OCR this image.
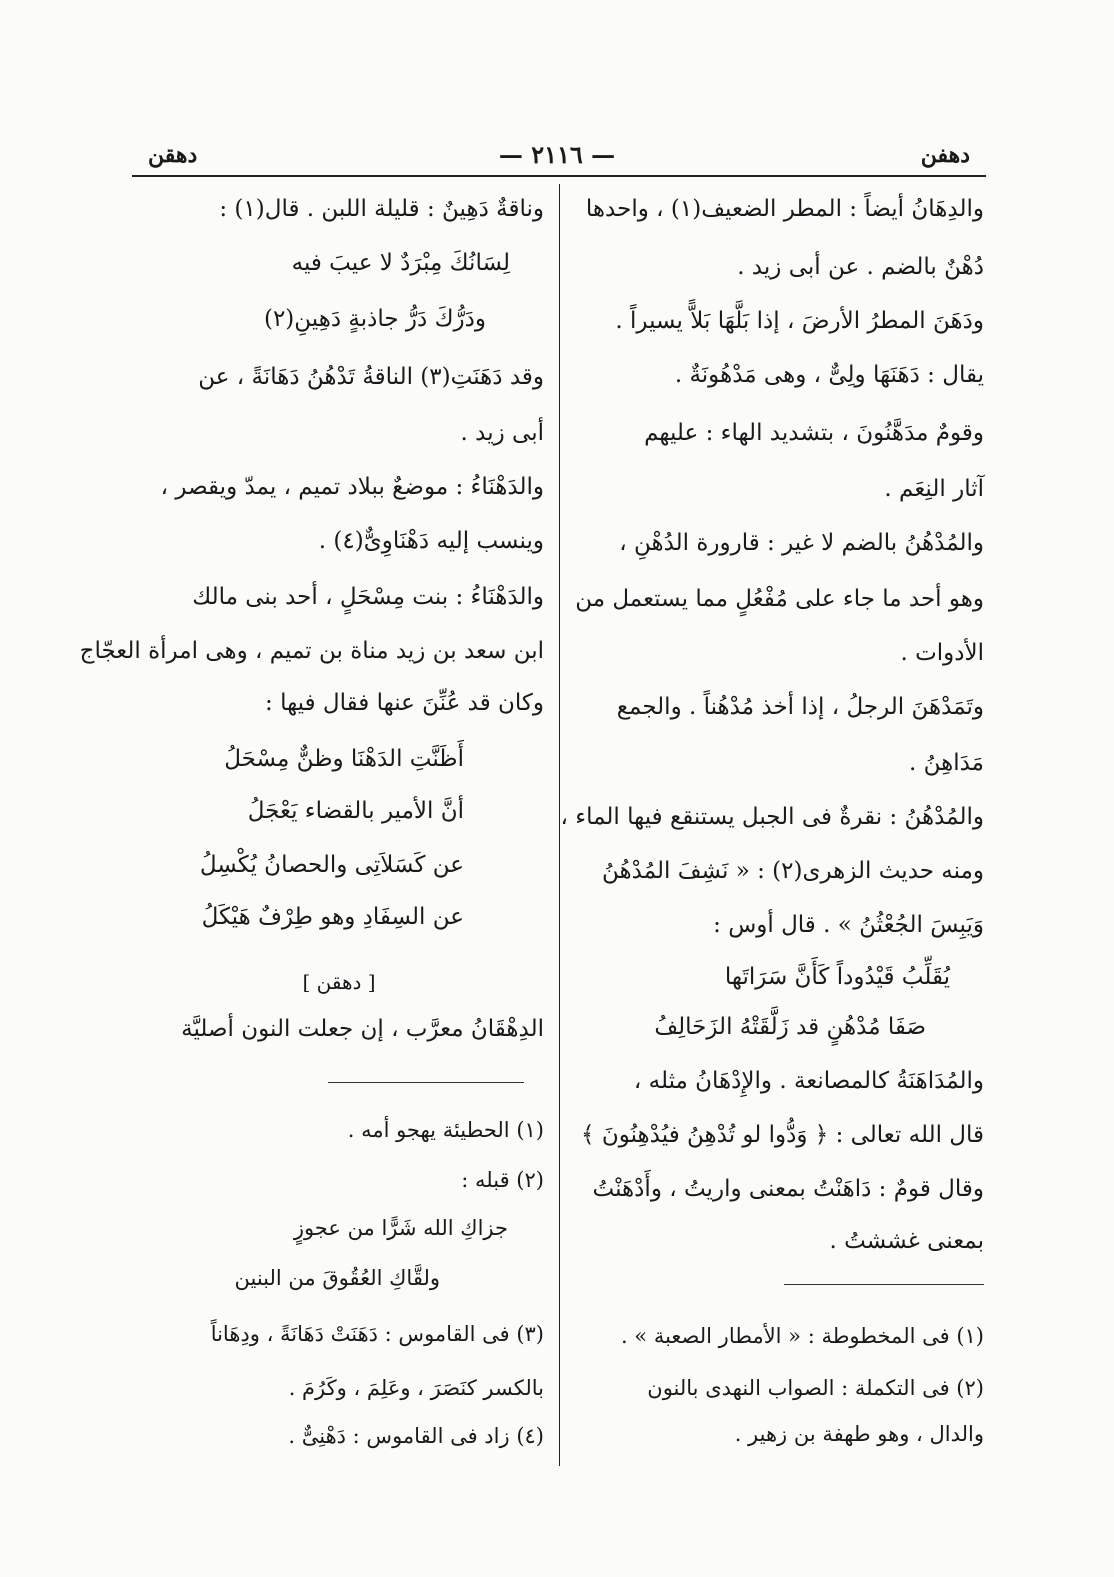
دهفن
— ٢١١٦ —
دهقن
والدِهَانُ أيضاً : المطر الضعيف(١) ، واحدها
دُهْنٌ بالضم . عن أبى زيد .
ودَهَنَ المطرُ الأرضَ ، إذا بَلَّهَا بَلاًّ يسيراً .
يقال : دَهَنَهَا ولِىٌّ ، وهى مَدْهُونَةٌ .
وقومٌ مدَهَّنُونَ ، بتشديد الهاء : عليهم
آثار النِعَم .
والمُدْهُنُ بالضم لا غير : قارورة الدُهْنِ ،
وهو أحد ما جاء على مُفْعُلٍ مما يستعمل من
الأدوات .
وتَمَدْهَنَ الرجلُ ، إذا أخذ مُدْهُناً . والجمع
مَدَاهِنُ .
والمُدْهُنُ : نقرةٌ فى الجبل يستنقع فيها الماء ،
ومنه حديث الزهرى(٢) : « نَشِفَ المُدْهُنُ
وَيَبِسَ الجُعْثُنُ » . قال أوس :
يُقَلِّبُ قَيْدُوداً كَأَنَّ سَرَاتَها
صَفَا مُدْهُنٍ قد زَلَّقَتْهُ الزَحَالِفُ
والمُدَاهَنَةُ كالمصانعة . والإِدْهَانُ مثله ،
قال الله تعالى : ﴿ وَدُّوا لو تُدْهِنُ فيُدْهِنُونَ ﴾
وقال قومٌ : دَاهَنْتُ بمعنى واريتُ ، وأَدْهَنْتُ
بمعنى غششتُ .
(١) فى المخطوطة : « الأمطار الصعبة » .
(٢) فى التكملة : الصواب النهدى بالنون
والدال ، وهو طهفة بن زهير .
وناقةٌ دَهِينٌ : قليلة اللبن . قال(١) :
لِسَانُكَ مِبْرَدٌ لا عيبَ فيه
ودَرُّكَ دَرُّ جاذبةٍ دَهِينِ(٢)
وقد دَهَنَتِ(٣) الناقةُ تَدْهُنُ دَهَانَةً ، عن
أبى زيد .
والدَهْنَاءُ : موضعٌ ببلاد تميم ، يمدّ ويقصر ،
وينسب إليه دَهْنَاوِىٌّ(٤) .
والدَهْنَاءُ : بنت مِسْحَلٍ ، أحد بنى مالك
ابن سعد بن زيد مناة بن تميم ، وهى امرأة العجّاج
وكان قد عُنِّنَ عنها فقال فيها :
أَظَنَّتِ الدَهْنَا وظنٌّ مِسْحَلُ
أنَّ الأمير بالقضاء يَعْجَلُ
عن كَسَلاَتِى والحصانُ يُكْسِلُ
عن السِفَادِ وهو طِرْفٌ هَيْكَلُ
[ دهقن ]
الدِهْقَانُ معرَّب ، إن جعلت النون أصليَّة
(١) الحطيئة يهجو أمه .
(٢) قبله :
جزاكِ الله شَرًّا من عجوزٍ
ولقَّاكِ العُقُوقَ من البنين
(٣) فى القاموس : دَهَنَتْ دَهَانَةً ، ودِهَاناً
بالكسر كنَصَرَ ، وعَلِمَ ، وكَرُمَ .
(٤) زاد فى القاموس : دَهْنِىٌّ .
